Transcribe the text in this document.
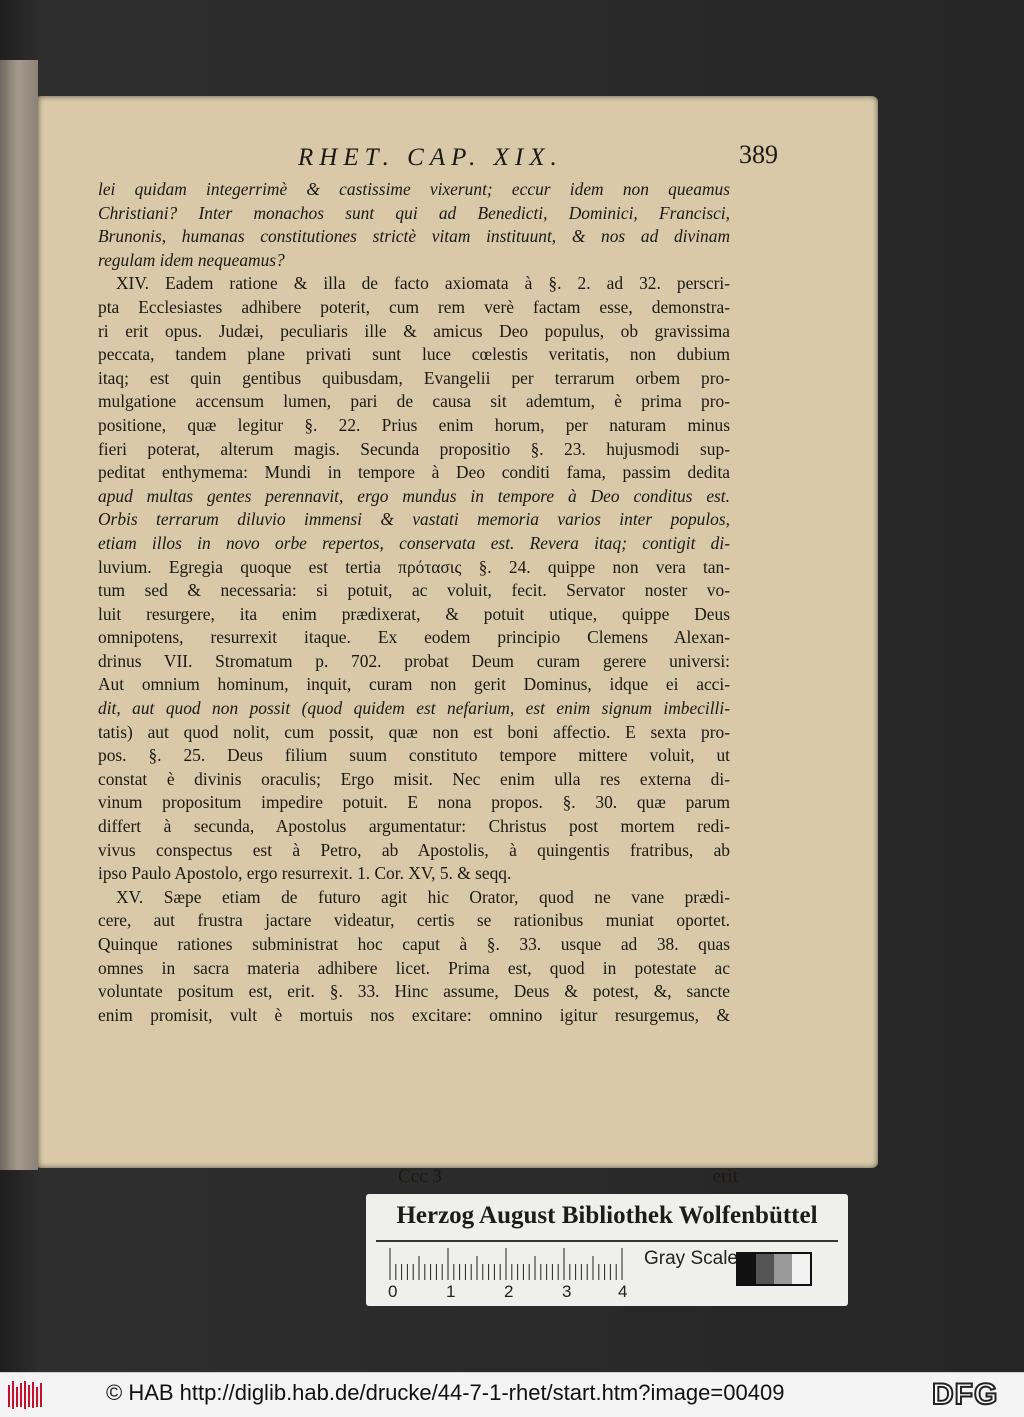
RHET. CAP. XIX.	389
lei quidam integerrimè & castissime vixerunt; eccur idem non queamus
Christiani? Inter monachos sunt qui ad Benedicti, Dominici, Francisci,
Brunonis, humanas constitutiones strictè vitam instituunt, & nos ad divinam
regulam idem nequeamus?
XIV. Eadem ratione & illa de facto axiomata à §. 2. ad 32. perscri-
pta Ecclesiastes adhibere poterit, cum rem verè factam esse, demonstra-
ri erit opus. Judæi, peculiaris ille & amicus Deo populus, ob gravissima
peccata, tandem plane privati sunt luce cœlestis veritatis, non dubium
itaq; est quin gentibus quibusdam, Evangelii per terrarum orbem pro-
mulgatione accensum lumen, pari de causa sit ademtum, è prima pro-
positione, quæ legitur §. 22. Prius enim horum, per naturam minus
fieri poterat, alterum magis. Secunda propositio §. 23. hujusmodi sup-
peditat enthymema: Mundi in tempore à Deo conditi fama, passim dedita
apud multas gentes perennavit, ergo mundus in tempore à Deo conditus est.
Orbis terrarum diluvio immensi & vastati memoria varios inter populos,
etiam illos in novo orbe repertos, conservata est. Revera itaq; contigit di-
luvium. Egregia quoque est tertia πρότασις §. 24. quippe non vera tan-
tum sed & necessaria: si potuit, ac voluit, fecit. Servator noster vo-
luit resurgere, ita enim prædixerat, & potuit utique, quippe Deus
omnipotens, resurrexit itaque. Ex eodem principio Clemens Alexan-
drinus VII. Stromatum p. 702. probat Deum curam gerere universi:
Aut omnium hominum, inquit, curam non gerit Dominus, idque ei acci-
dit, aut quod non possit (quod quidem est nefarium, est enim signum imbecilli-
tatis) aut quod nolit, cum possit, quæ non est boni affectio. E sexta pro-
pos. §. 25. Deus filium suum constituto tempore mittere voluit, ut
constat è divinis oraculis; Ergo misit. Nec enim ulla res externa di-
vinum propositum impedire potuit. E nona propos. §. 30. quæ parum
differt à secunda, Apostolus argumentatur: Christus post mortem redi-
vivus conspectus est à Petro, ab Apostolis, à quingentis fratribus, ab
ipso Paulo Apostolo, ergo resurrexit. 1. Cor. XV, 5. & seqq.
XV. Sæpe etiam de futuro agit hic Orator, quod ne vane prædi-
cere, aut frustra jactare videatur, certis se rationibus muniat oportet.
Quinque rationes subministrat hoc caput à §. 33. usque ad 38. quas
omnes in sacra materia adhibere licet. Prima est, quod in potestate ac
voluntate positum est, erit. §. 33. Hinc assume, Deus & potest, &, sancte
enim promisit, vult è mortuis nos excitare: omnino igitur resurgemus, &
Ccc 3	erit
Herzog August Bibliothek Wolfenbüttel
0	1	2	3	4
Gray Scale
© HAB http://diglib.hab.de/drucke/44-7-1-rhet/start.htm?image=00409	DFG
